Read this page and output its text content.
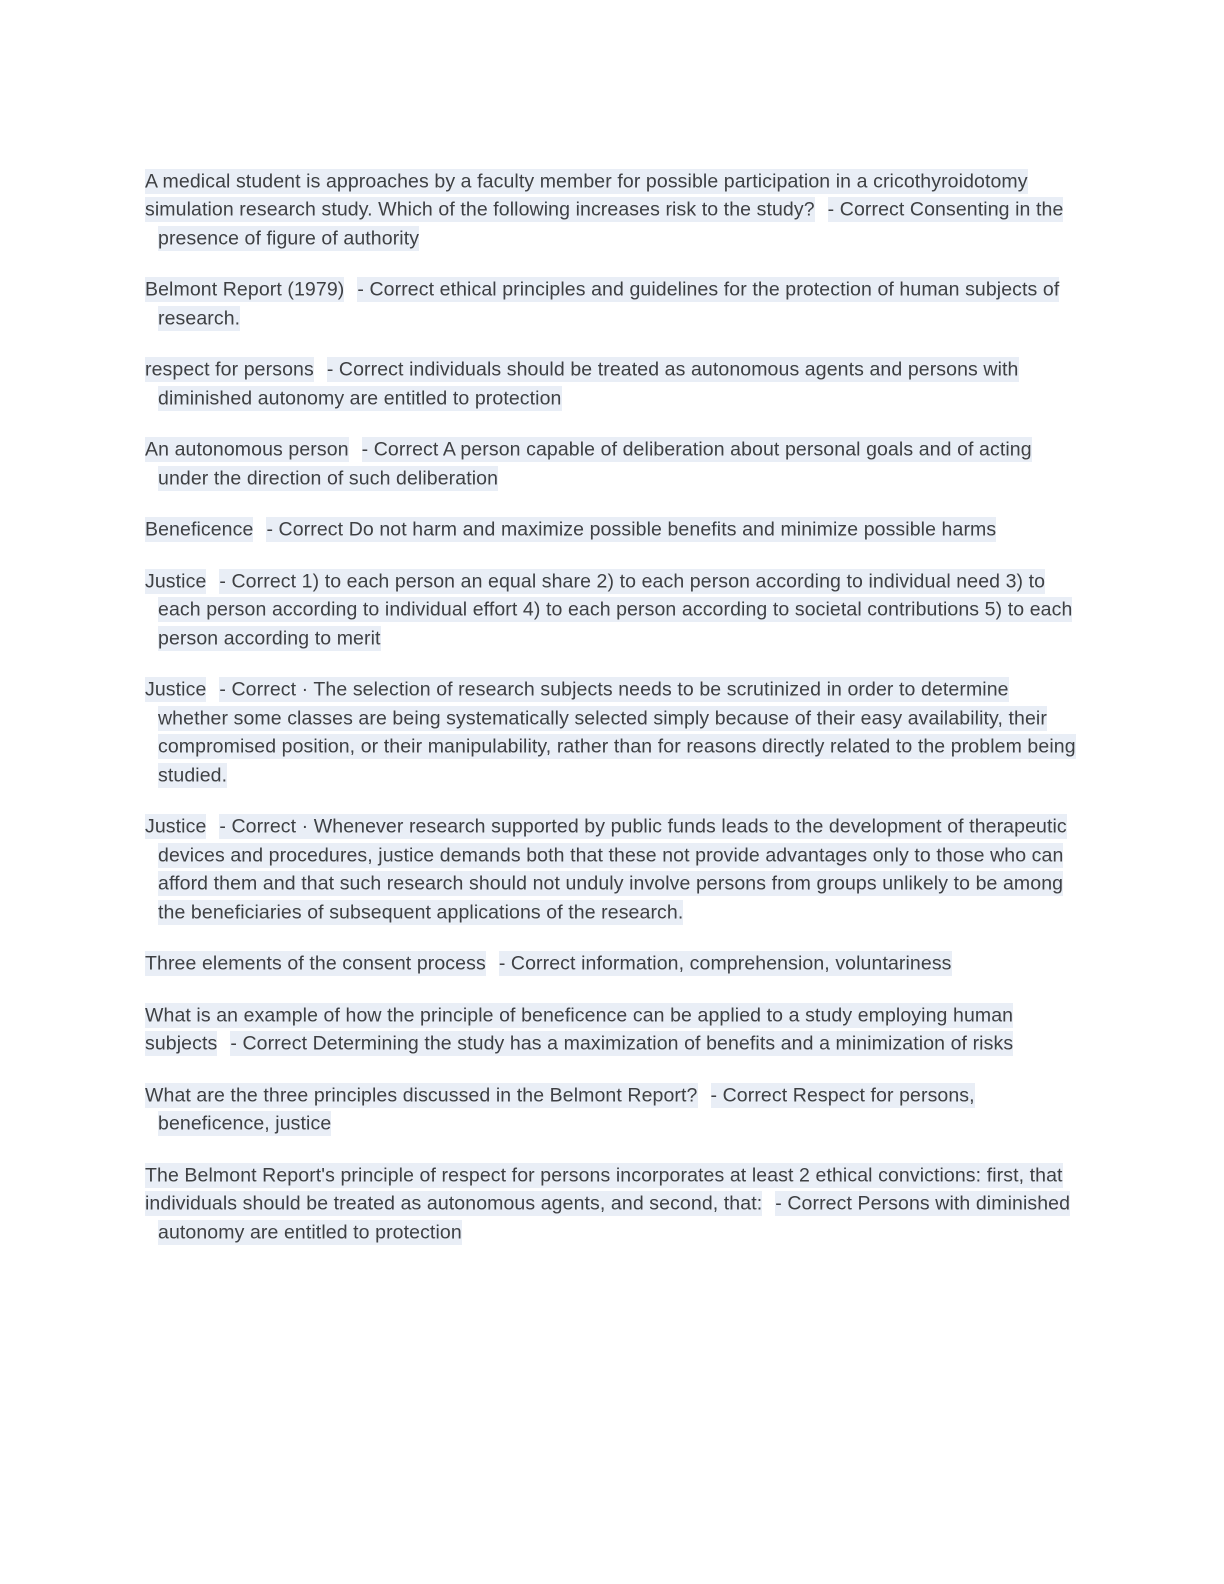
A medical student is approaches by a faculty member for possible participation in a cricothyroidotomy simulation research study. Which of the following increases risk to the study? - Correct Consenting in the presence of figure of authority

Belmont Report (1979) - Correct ethical principles and guidelines for the protection of human subjects of research.

respect for persons - Correct individuals should be treated as autonomous agents and persons with diminished autonomy are entitled to protection

An autonomous person - Correct A person capable of deliberation about personal goals and of acting under the direction of such deliberation

Beneficence - Correct Do not harm and maximize possible benefits and minimize possible harms

Justice - Correct 1) to each person an equal share 2) to each person according to individual need 3) to each person according to individual effort 4) to each person according to societal contributions 5) to each person according to merit

Justice - Correct · The selection of research subjects needs to be scrutinized in order to determine whether some classes are being systematically selected simply because of their easy availability, their compromised position, or their manipulability, rather than for reasons directly related to the problem being studied.

Justice - Correct · Whenever research supported by public funds leads to the development of therapeutic devices and procedures, justice demands both that these not provide advantages only to those who can afford them and that such research should not unduly involve persons from groups unlikely to be among the beneficiaries of subsequent applications of the research.

Three elements of the consent process - Correct information, comprehension, voluntariness

What is an example of how the principle of beneficence can be applied to a study employing human subjects - Correct Determining the study has a maximization of benefits and a minimization of risks

What are the three principles discussed in the Belmont Report? - Correct Respect for persons, beneficence, justice

The Belmont Report's principle of respect for persons incorporates at least 2 ethical convictions: first, that individuals should be treated as autonomous agents, and second, that: - Correct Persons with diminished autonomy are entitled to protection
